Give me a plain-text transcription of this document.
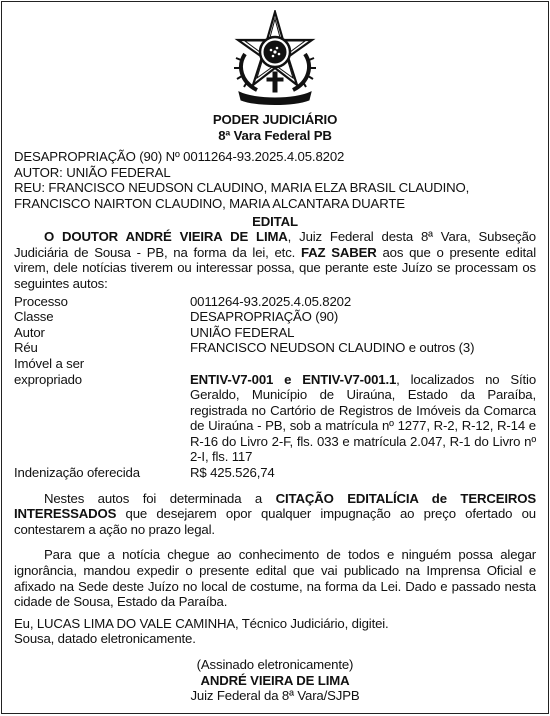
PODER JUDICIÁRIO
8ª Vara Federal PB
DESAPROPRIAÇÃO (90) Nº 0011264-93.2025.4.05.8202
AUTOR: UNIÃO FEDERAL
REU: FRANCISCO NEUDSON CLAUDINO, MARIA ELZA BRASIL CLAUDINO, FRANCISCO NAIRTON CLAUDINO, MARIA ALCANTARA DUARTE
EDITAL
O DOUTOR ANDRÉ VIEIRA DE LIMA, Juiz Federal desta 8ª Vara, Subseção Judiciária de Sousa - PB, na forma da lei, etc. FAZ SABER aos que o presente edital virem, dele notícias tiverem ou interessar possa, que perante este Juízo se processam os seguintes autos:
Processo	0011264-93.2025.4.05.8202
Classe	DESAPROPRIAÇÃO (90)
Autor	UNIÃO FEDERAL
Réu	FRANCISCO NEUDSON CLAUDINO e outros (3)
Imóvel a ser	
expropriado	ENTIV-V7-001 e ENTIV-V7-001.1, localizados no Sítio Geraldo, Município de Uiraúna, Estado da Paraíba, registrada no Cartório de Registros de Imóveis da Comarca de Uiraúna - PB, sob a matrícula nº 1277, R-2, R-12, R-14 e R-16 do Livro 2-F, fls. 033 e matrícula 2.047, R-1 do Livro nº 2-I, fls. 117
Indenização oferecida	R$ 425.526,74
Nestes autos foi determinada a CITAÇÃO EDITALÍCIA de TERCEIROS INTERESSADOS que desejarem opor qualquer impugnação ao preço ofertado ou contestarem a ação no prazo legal.
Para que a notícia chegue ao conhecimento de todos e ninguém possa alegar ignorância, mandou expedir o presente edital que vai publicado na Imprensa Oficial e afixado na Sede deste Juízo no local de costume, na forma da Lei. Dado e passado nesta cidade de Sousa, Estado da Paraíba.
Eu, LUCAS LIMA DO VALE CAMINHA, Técnico Judiciário, digitei.
Sousa, datado eletronicamente.
(Assinado eletronicamente)
ANDRÉ VIEIRA DE LIMA
Juiz Federal da 8ª Vara/SJPB
